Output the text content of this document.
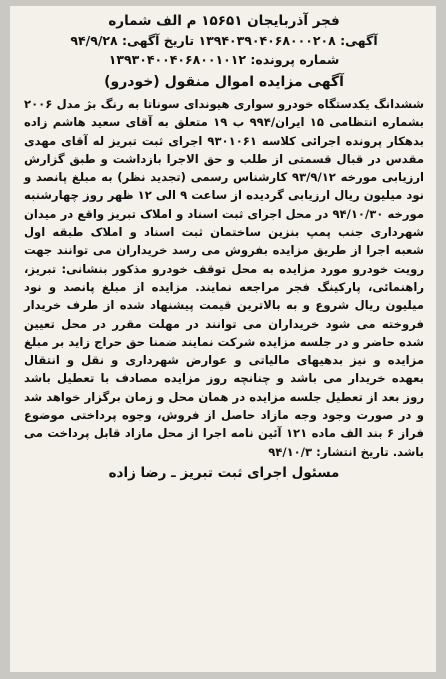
فجر آذربایجان ۱۵۶۵۱ م الف شماره
آگهی: ۱۳۹۴۰۳۹۰۴۰۶۸۰۰۰۲۰۸ تاریخ آگهی: ۹۴/۹/۲۸
شماره پرونده: ۱۳۹۳۰۴۰۰۴۰۶۸۰۰۱۰۱۲
آگهی مزایده اموال منقول (خودرو)
ششدانگ یکدستگاه خودرو سواری هیوندای سوناتا به رنگ بژ مدل ۲۰۰۶ بشماره انتظامی ۱۵ ایران/۹۹۴ ب ۱۹ متعلق به آقای سعید هاشم زاده بدهکار پرونده اجرائی کلاسه ۹۳۰۱۰۶۱ اجرای ثبت تبریز له آقای مهدی مقدس در قبال قسمتی از طلب و حق الاجرا بازداشت و طبق گزارش ارزیابی مورخه ۹۳/۹/۱۲ کارشناس رسمی (تجدید نظر) به مبلغ پانصد و نود میلیون ریال ارزیابی گردیده از ساعت ۹ الی ۱۲ ظهر روز چهارشنبه مورخه ۹۴/۱۰/۳۰ در محل اجرای ثبت اسناد و املاک تبریز واقع در میدان شهرداری جنب پمپ بنزین ساختمان ثبت اسناد و املاک طبقه اول شعبه اجرا از طریق مزایده بفروش می رسد خریداران می توانند جهت رویت خودرو مورد مزایده به محل توقف خودرو مذکور بنشانی: تبریز، راهنمائی، پارکینگ فجر مراجعه نمایند. مزایده از مبلغ پانصد و نود میلیون ریال شروع و به بالاترین قیمت پیشنهاد شده از طرف خریدار فروخته می شود خریداران می توانند در مهلت مقرر در محل تعیین شده حاضر و در جلسه مزایده شرکت نمایند ضمنا حق حراج زاید بر مبلغ مزایده و نیز بدهیهای مالیاتی و عوارض شهرداری و نقل و انتقال بعهده خریدار می باشد و چنانچه روز مزایده مصادف با تعطیل باشد روز بعد از تعطیل جلسه مزایده در همان محل و زمان برگزار خواهد شد و در صورت وجود وجه مازاد حاصل از فروش، وجوه پرداختی موضوع فراز ۶ بند الف ماده ۱۲۱ آئین نامه اجرا از محل مازاد قابل پرداخت می باشد. تاریخ انتشار: ۹۴/۱۰/۳
مسئول اجرای ثبت تبریز ـ رضا زاده
